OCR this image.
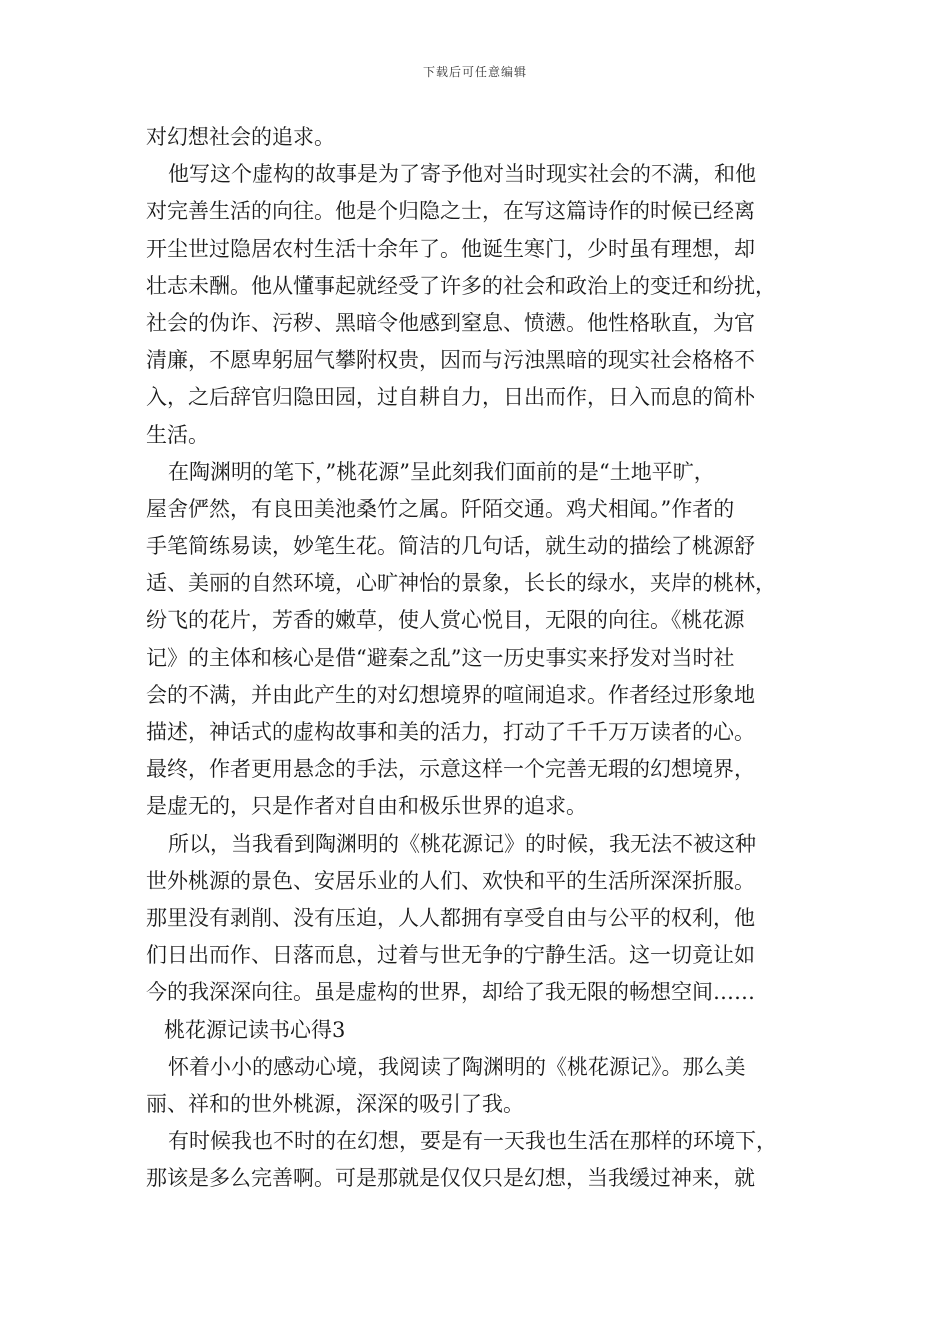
下载后可任意编辑
对幻想社会的追求。
他写这个虚构的故事是为了寄予他对当时现实社会的不满，和他
对完善生活的向往。他是个归隐之士，在写这篇诗作的时候已经离
开尘世过隐居农村生活十余年了。他诞生寒门，少时虽有理想，却
壮志未酬。他从懂事起就经受了许多的社会和政治上的变迁和纷扰，
社会的伪诈、污秽、黑暗令他感到窒息、愤懑。他性格耿直，为官
清廉，不愿卑躬屈气攀附权贵，因而与污浊黑暗的现实社会格格不
入，之后辞官归隐田园，过自耕自力，日出而作，日入而息的简朴
生活。
在陶渊明的笔下，”桃花源”呈此刻我们面前的是“土地平旷，
屋舍俨然，有良田美池桑竹之属。阡陌交通。鸡犬相闻。”作者的
手笔简练易读，妙笔生花。简洁的几句话，就生动的描绘了桃源舒
适、美丽的自然环境，心旷神怡的景象，长长的绿水，夹岸的桃林，
纷飞的花片，芳香的嫩草，使人赏心悦目，无限的向往。《桃花源
记》的主体和核心是借“避秦之乱”这一历史事实来抒发对当时社
会的不满，并由此产生的对幻想境界的喧闹追求。作者经过形象地
描述，神话式的虚构故事和美的活力，打动了千千万万读者的心。
最终，作者更用悬念的手法，示意这样一个完善无瑕的幻想境界，
是虚无的，只是作者对自由和极乐世界的追求。
所以，当我看到陶渊明的《桃花源记》的时候，我无法不被这种
世外桃源的景色、安居乐业的人们、欢快和平的生活所深深折服。
那里没有剥削、没有压迫，人人都拥有享受自由与公平的权利，他
们日出而作、日落而息，过着与世无争的宁静生活。这一切竟让如
今的我深深向往。虽是虚构的世界，却给了我无限的畅想空间……
桃花源记读书心得3
怀着小小的感动心境，我阅读了陶渊明的《桃花源记》。那么美
丽、祥和的世外桃源，深深的吸引了我。
有时候我也不时的在幻想，要是有一天我也生活在那样的环境下，
那该是多么完善啊。可是那就是仅仅只是幻想，当我缓过神来，就
